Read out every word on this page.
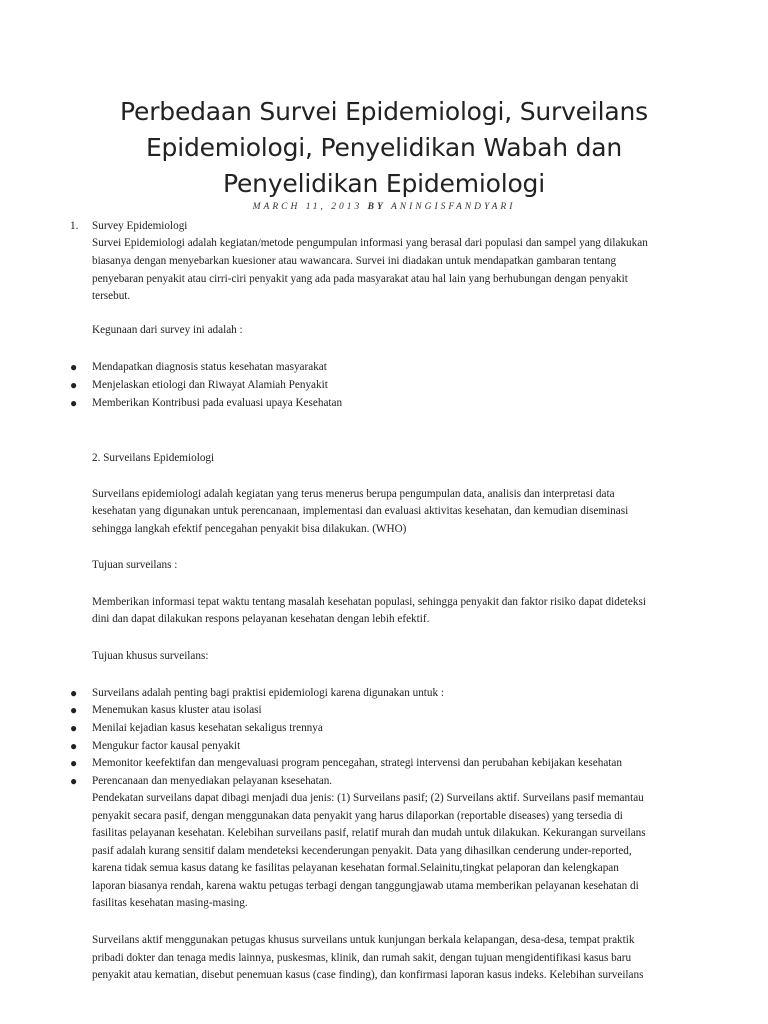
Perbedaan Survei Epidemiologi, Surveilans
Epidemiologi, Penyelidikan Wabah dan
Penyelidikan Epidemiologi
MARCH 11, 2013 BY ANINGISFANDYARI
1. Survey Epidemiologi
Survei Epidemiologi adalah kegiatan/metode pengumpulan informasi yang berasal dari populasi dan sampel yang dilakukan
biasanya dengan menyebarkan kuesioner atau wawancara. Survei ini diadakan untuk mendapatkan gambaran tentang
penyebaran penyakit atau cirri-ciri penyakit yang ada pada masyarakat atau hal lain yang berhubungan dengan penyakit
tersebut.
Kegunaan dari survey ini adalah :
● Mendapatkan diagnosis status kesehatan masyarakat
● Menjelaskan etiologi dan Riwayat Alamiah Penyakit
● Memberikan Kontribusi pada evaluasi upaya Kesehatan
2. Surveilans Epidemiologi
Surveilans epidemiologi adalah kegiatan yang terus menerus berupa pengumpulan data, analisis dan interpretasi data
kesehatan yang digunakan untuk perencanaan, implementasi dan evaluasi aktivitas kesehatan, dan kemudian diseminasi
sehingga langkah efektif pencegahan penyakit bisa dilakukan. (WHO)
Tujuan surveilans :
Memberikan informasi tepat waktu tentang masalah kesehatan populasi, sehingga penyakit dan faktor risiko dapat dideteksi
dini dan dapat dilakukan respons pelayanan kesehatan dengan lebih efektif.
Tujuan khusus surveilans:
● Surveilans adalah penting bagi praktisi epidemiologi karena digunakan untuk :
● Menemukan kasus kluster atau isolasi
● Menilai kejadian kasus kesehatan sekaligus trennya
● Mengukur factor kausal penyakit
● Memonitor keefektifan dan mengevaluasi program pencegahan, strategi intervensi dan perubahan kebijakan kesehatan
● Perencanaan dan menyediakan pelayanan ksesehatan.
Pendekatan surveilans dapat dibagi menjadi dua jenis: (1) Surveilans pasif; (2) Surveilans aktif. Surveilans pasif memantau
penyakit secara pasif, dengan menggunakan data penyakit yang harus dilaporkan (reportable diseases) yang tersedia di
fasilitas pelayanan kesehatan. Kelebihan surveilans pasif, relatif murah dan mudah untuk dilakukan. Kekurangan surveilans
pasif adalah kurang sensitif dalam mendeteksi kecenderungan penyakit. Data yang dihasilkan cenderung under-reported,
karena tidak semua kasus datang ke fasilitas pelayanan kesehatan formal.Selainitu,tingkat pelaporan dan kelengkapan
laporan biasanya rendah, karena waktu petugas terbagi dengan tanggungjawab utama memberikan pelayanan kesehatan di
fasilitas kesehatan masing-masing.
Surveilans aktif menggunakan petugas khusus surveilans untuk kunjungan berkala kelapangan, desa-desa, tempat praktik
pribadi dokter dan tenaga medis lainnya, puskesmas, klinik, dan rumah sakit, dengan tujuan mengidentifikasi kasus baru
penyakit atau kematian, disebut penemuan kasus (case finding), dan konfirmasi laporan kasus indeks. Kelebihan surveilans
